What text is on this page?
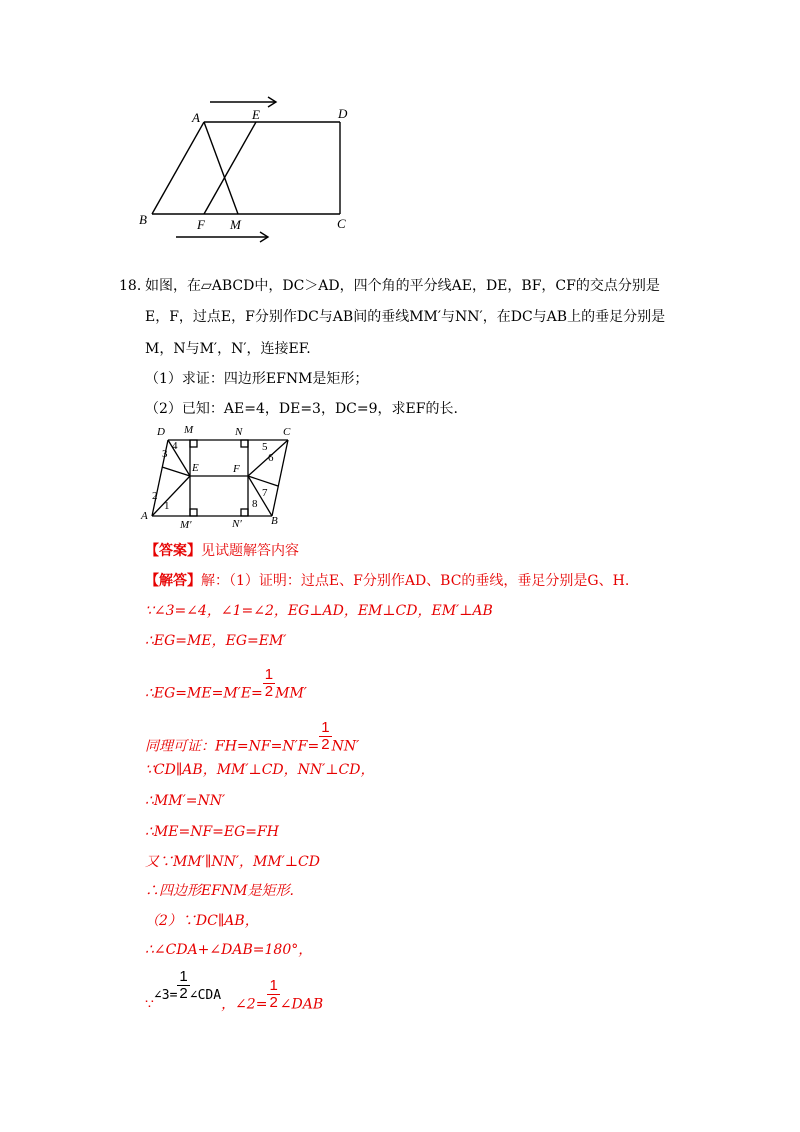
A	E	D
B	F M	C
18．
如图，在▱ABCD中，DC＞AD，四个角的平分线AE，DE，BF，CF的交点分别是
E，F，过点E，F分别作DC与AB间的垂线MM′与NN′，在DC与AB上的垂足分别是
M，N与M′，N′，连接EF.
（1）求证：四边形EFNM是矩形；
（2）已知：AE=4，DE=3，DC=9，求EF的长.
D M	N	C
4
3
5
6
E	F
2
1	8
7
A
M′	N′	B
【答案】见试题解答内容
【解答】解：（1）证明：过点E、F分别作AD、BC的垂线，垂足分别是G、H.
∵∠3=∠4，∠1=∠2，EG⊥AD，EM⊥CD，EM′⊥AB
∴EG=ME，EG=EM′
∴EG=ME=M′E= $\frac{1}{2} MM'$
同理可证：$FH=NF=N'F= \frac{1}{2} NN'$
∵CD∥AB，MM′⊥CD，NN′⊥CD，
∴MM′=NN′
∴ME=NF=EG=FH
又∵MM′∥NN′，MM′⊥CD
∴四边形EFNM是矩形.
（2）∵DC∥AB，
∴∠CDA+∠DAB=180°，
∵∠3= $\frac{1}{2}$ ∠CDA，∠2= $\frac{1}{2}$ ∠DAB
